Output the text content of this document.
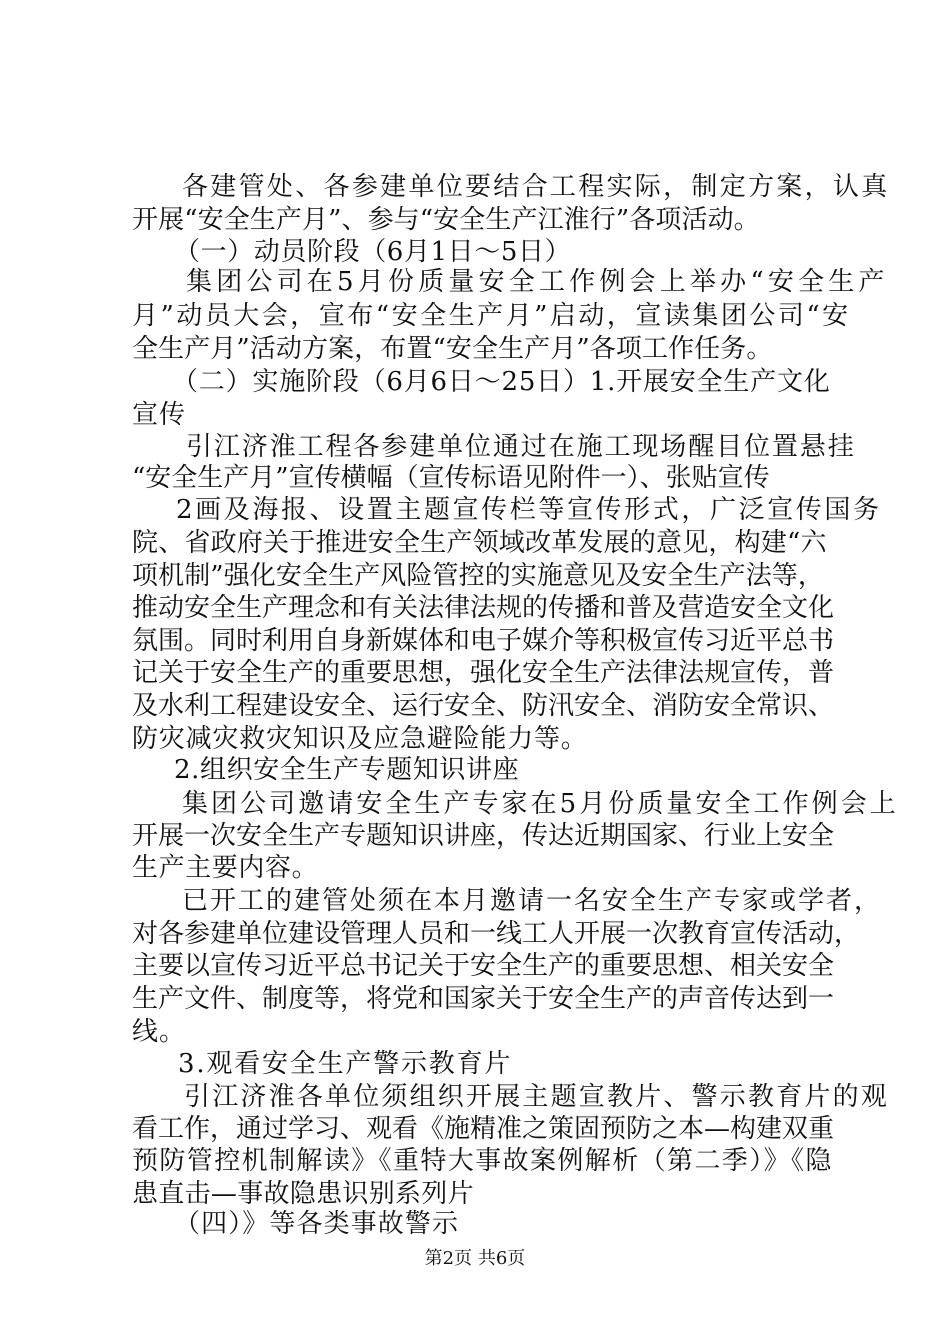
各建管处、各参建单位要结合工程实际，制定方案，认真
开展“安全生产月”、参与“安全生产江淮行”各项活动。
（一）动员阶段（6月1日～5日）
集团公司在5月份质量安全工作例会上举办“安全生产
月”动员大会，宣布“安全生产月”启动，宣读集团公司“安
全生产月”活动方案，布置“安全生产月”各项工作任务。
（二）实施阶段（6月6日～25日）1.开展安全生产文化
宣传
引江济淮工程各参建单位通过在施工现场醒目位置悬挂
“安全生产月”宣传横幅（宣传标语见附件一）、张贴宣传
2画及海报、设置主题宣传栏等宣传形式，广泛宣传国务
院、省政府关于推进安全生产领域改革发展的意见，构建“六
项机制”强化安全生产风险管控的实施意见及安全生产法等，
推动安全生产理念和有关法律法规的传播和普及营造安全文化
氛围。同时利用自身新媒体和电子媒介等积极宣传习近平总书
记关于安全生产的重要思想，强化安全生产法律法规宣传，普
及水利工程建设安全、运行安全、防汛安全、消防安全常识、
防灾减灾救灾知识及应急避险能力等。
2.组织安全生产专题知识讲座
集团公司邀请安全生产专家在5月份质量安全工作例会上
开展一次安全生产专题知识讲座，传达近期国家、行业上安全
生产主要内容。
已开工的建管处须在本月邀请一名安全生产专家或学者，
对各参建单位建设管理人员和一线工人开展一次教育宣传活动，
主要以宣传习近平总书记关于安全生产的重要思想、相关安全
生产文件、制度等，将党和国家关于安全生产的声音传达到一
线。
3.观看安全生产警示教育片
引江济淮各单位须组织开展主题宣教片、警示教育片的观
看工作，通过学习、观看《施精准之策固预防之本—构建双重
预防管控机制解读》《重特大事故案例解析（第二季）》《隐
患直击—事故隐患识别系列片
（四）》等各类事故警示
第2页 共6页
